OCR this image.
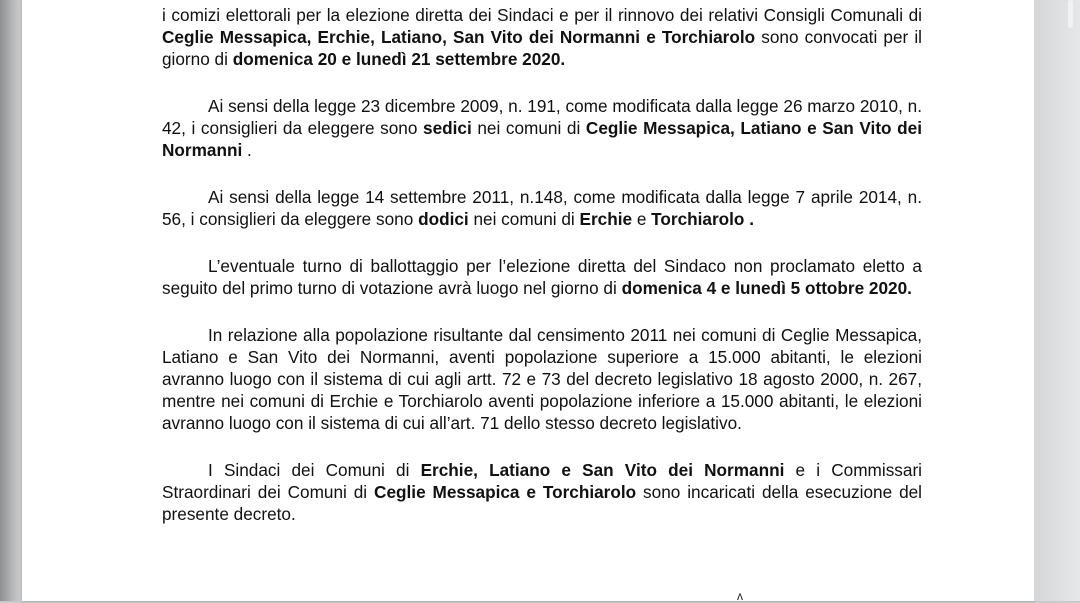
i comizi elettorali per la elezione diretta dei Sindaci e per il rinnovo dei relativi Consigli Comunali di Ceglie Messapica, Erchie, Latiano, San Vito dei Normanni e Torchiarolo sono convocati per il giorno di domenica 20 e lunedì 21 settembre 2020.

Ai sensi della legge 23 dicembre 2009, n. 191, come modificata dalla legge 26 marzo 2010, n. 42, i consiglieri da eleggere sono sedici nei comuni di Ceglie Messapica, Latiano e San Vito dei Normanni .

Ai sensi della legge 14 settembre 2011, n.148, come modificata dalla legge 7 aprile 2014, n. 56, i consiglieri da eleggere sono dodici nei comuni di Erchie e Torchiarolo .

L’eventuale turno di ballottaggio per l’elezione diretta del Sindaco non proclamato eletto a seguito del primo turno di votazione avrà luogo nel giorno di domenica 4 e lunedì 5 ottobre 2020.

In relazione alla popolazione risultante dal censimento 2011 nei comuni di Ceglie Messapica, Latiano e San Vito dei Normanni, aventi popolazione superiore a 15.000 abitanti, le elezioni avranno luogo con il sistema di cui agli artt. 72 e 73 del decreto legislativo 18 agosto 2000, n. 267, mentre nei comuni di Erchie e Torchiarolo aventi popolazione inferiore a 15.000 abitanti, le elezioni avranno luogo con il sistema di cui all’art. 71 dello stesso decreto legislativo.

I Sindaci dei Comuni di Erchie, Latiano e San Vito dei Normanni e i Commissari Straordinari dei Comuni di Ceglie Messapica e Torchiarolo sono incaricati della esecuzione del presente decreto.

ʌ
